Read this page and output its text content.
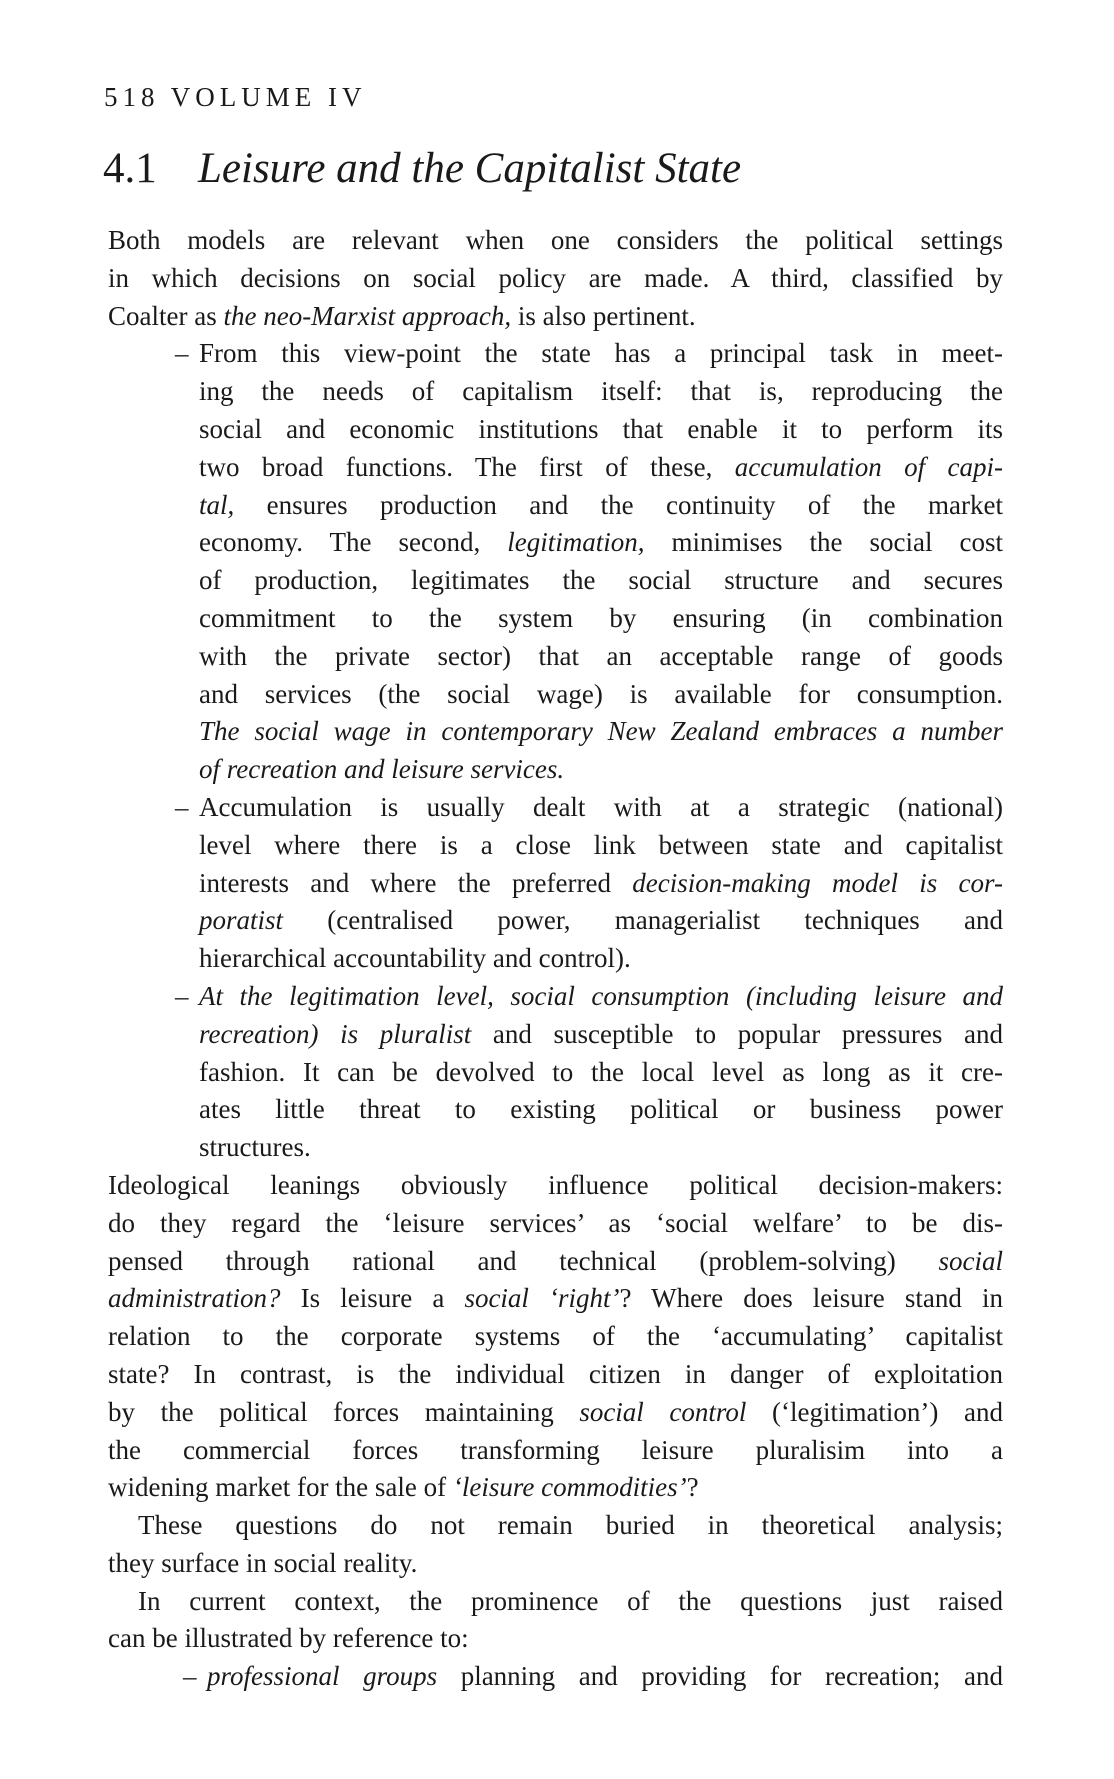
518 VOLUME IV
4.1 Leisure and the Capitalist State
Both models are relevant when one considers the political settings
in which decisions on social policy are made. A third, classified by
Coalter as the neo-Marxist approach, is also pertinent.
– From this view-point the state has a principal task in meet-
ing the needs of capitalism itself: that is, reproducing the
social and economic institutions that enable it to perform its
two broad functions. The first of these, accumulation of capi-
tal, ensures production and the continuity of the market
economy. The second, legitimation, minimises the social cost
of production, legitimates the social structure and secures
commitment to the system by ensuring (in combination
with the private sector) that an acceptable range of goods
and services (the social wage) is available for consumption.
The social wage in contemporary New Zealand embraces a number
of recreation and leisure services.
– Accumulation is usually dealt with at a strategic (national)
level where there is a close link between state and capitalist
interests and where the preferred decision-making model is cor-
poratist (centralised power, managerialist techniques and
hierarchical accountability and control).
– At the legitimation level, social consumption (including leisure and
recreation) is pluralist and susceptible to popular pressures and
fashion. It can be devolved to the local level as long as it cre-
ates little threat to existing political or business power
structures.
Ideological leanings obviously influence political decision-makers:
do they regard the ‘leisure services’ as ‘social welfare’ to be dis-
pensed through rational and technical (problem-solving) social
administration? Is leisure a social ‘right’? Where does leisure stand in
relation to the corporate systems of the ‘accumulating’ capitalist
state? In contrast, is the individual citizen in danger of exploitation
by the political forces maintaining social control (‘legitimation’) and
the commercial forces transforming leisure pluralisim into a
widening market for the sale of ‘leisure commodities’?
These questions do not remain buried in theoretical analysis;
they surface in social reality.
In current context, the prominence of the questions just raised
can be illustrated by reference to:
– professional groups planning and providing for recreation; and
